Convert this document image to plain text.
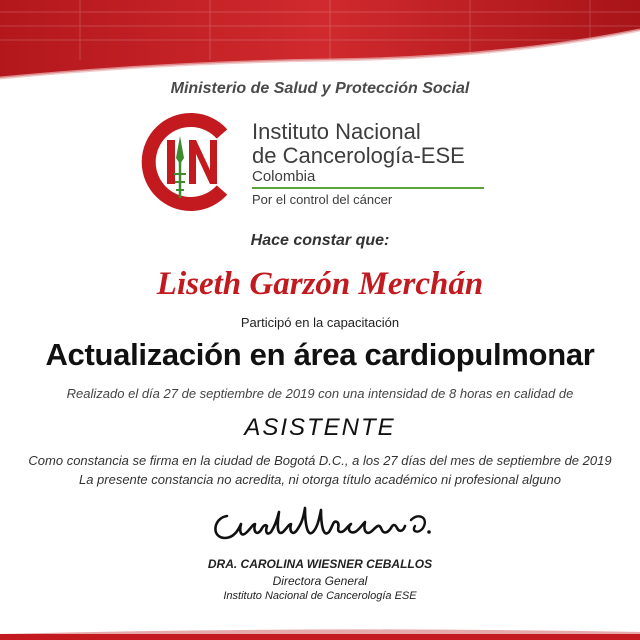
Ministerio de Salud y Protección Social
Instituto Nacional
de Cancerología-ESE
Colombia
Por el control del cáncer
Hace constar que:
Liseth Garzón Merchán
Participó en la capacitación
Actualización en área cardiopulmonar
Realizado el día 27 de septiembre de 2019 con una intensidad de 8 horas en calidad de
ASISTENTE
Como constancia se firma en la ciudad de Bogotá D.C., a los 27 días del mes de septiembre de 2019
La presente constancia no acredita, ni otorga título académico ni profesional alguno
DRA. CAROLINA WIESNER CEBALLOS
Directora General
Instituto Nacional de Cancerología ESE
